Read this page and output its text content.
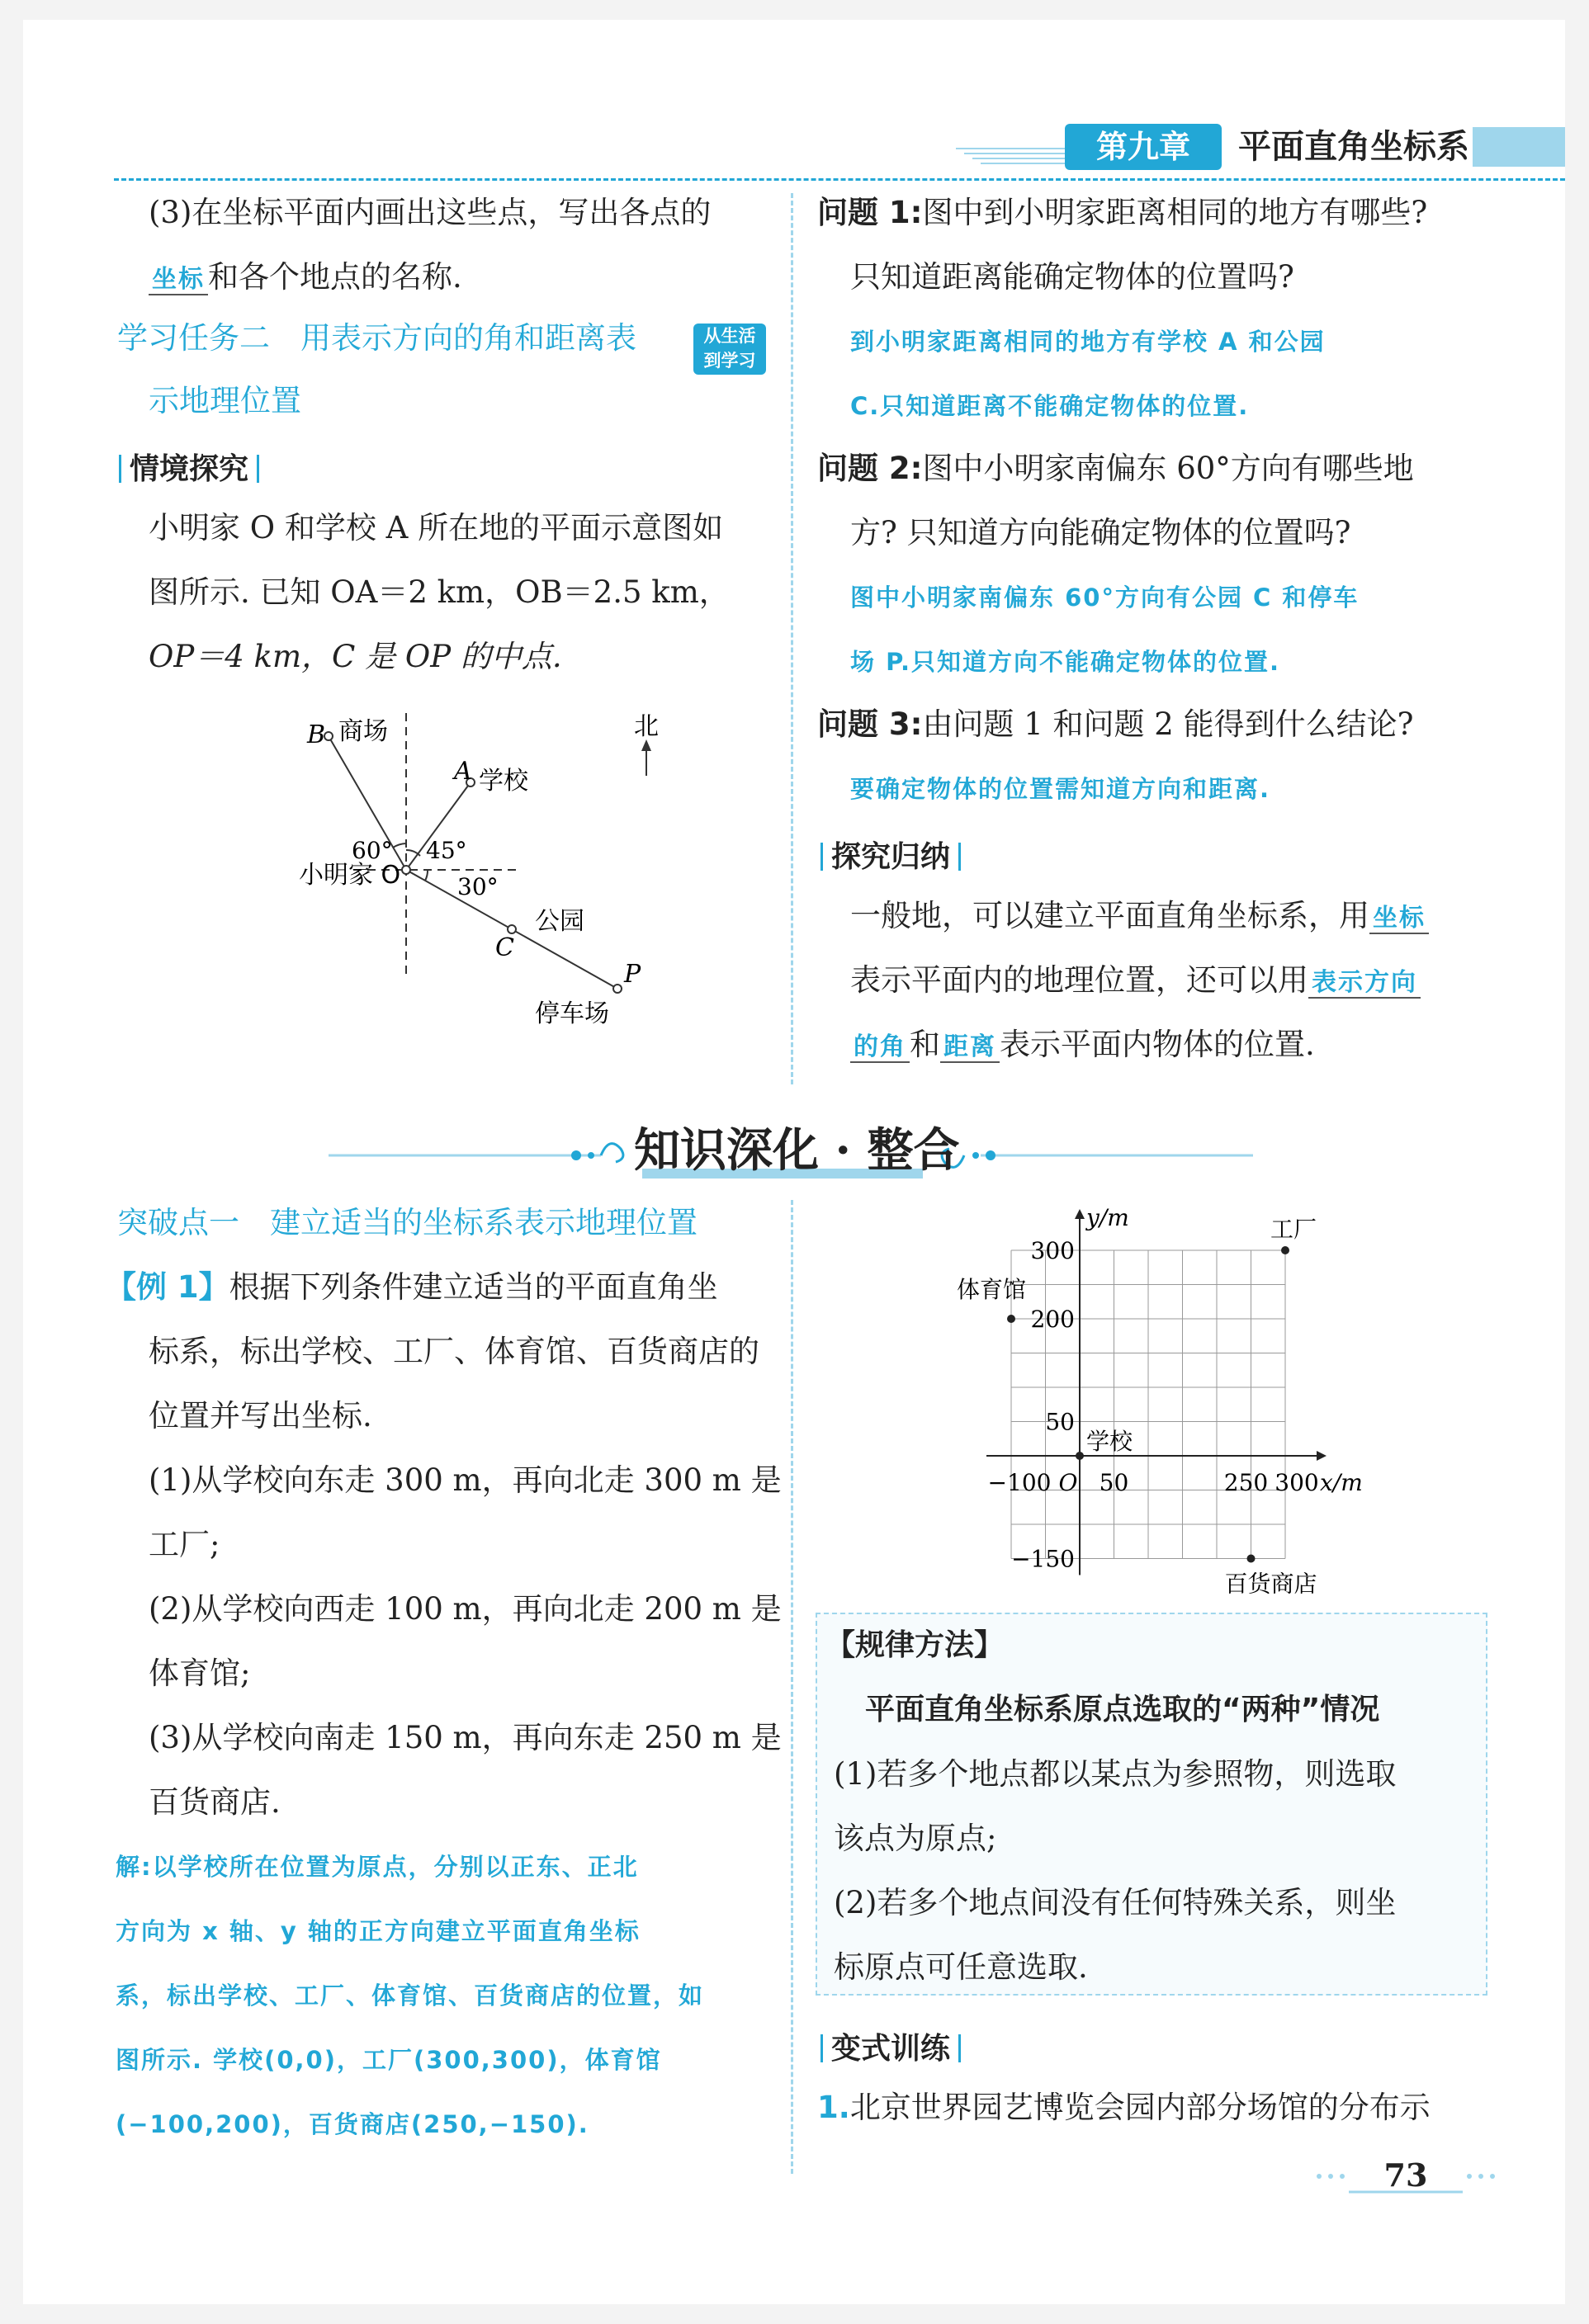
第九章	平面直角坐标系
(3)在坐标平面内画出这些点，写出各点的
坐标 和各个地点的名称.
学习任务二　用表示方向的角和距离表	从生活
到学习
示地理位置
情境探究
小明家 O 和学校 A 所在地的平面示意图如
图所示. 已知 OA＝2 km，OB＝2.5 km，
OP＝4 km，C 是 OP 的中点.
B 商场
A 学校
北
60° 45°
30°
小明家 O
公园
C
P
停车场
问题 1:图中到小明家距离相同的地方有哪些?
只知道距离能确定物体的位置吗?
到小明家距离相同的地方有学校 A 和公园
C.只知道距离不能确定物体的位置.
问题 2:图中小明家南偏东 60°方向有哪些地
方? 只知道方向能确定物体的位置吗?
图中小明家南偏东 60°方向有公园 C 和停车
场 P.只知道方向不能确定物体的位置.
问题 3:由问题 1 和问题 2 能得到什么结论?
要确定物体的位置需知道方向和距离.
探究归纳
一般地，可以建立平面直角坐标系，用 坐标
表示平面内的地理位置，还可以用 表示方向
的角 和 距离 表示平面内物体的位置.
知识深化 · 整合
突破点一　建立适当的坐标系表示地理位置
【例 1】根据下列条件建立适当的平面直角坐
标系，标出学校、工厂、体育馆、百货商店的
位置并写出坐标.
(1)从学校向东走 300 m，再向北走 300 m 是
工厂;
(2)从学校向西走 100 m，再向北走 200 m 是
体育馆;
(3)从学校向南走 150 m，再向东走 250 m 是
百货商店.
解:以学校所在位置为原点，分别以正东、正北
方向为 x 轴、y 轴的正方向建立平面直角坐标
系，标出学校、工厂、体育馆、百货商店的位置，如
图所示. 学校(0,0)，工厂(300,300)，体育馆
(−100,200)，百货商店(250,−150).
y/m
x/m
−100 O 50	250 300
300
200
50
−150
工厂
体育馆
学校
百货商店
【规律方法】
平面直角坐标系原点选取的“两种”情况
(1)若多个地点都以某点为参照物，则选取
该点为原点;
(2)若多个地点间没有任何特殊关系，则坐
标原点可任意选取.
变式训练
1.北京世界园艺博览会园内部分场馆的分布示
73
